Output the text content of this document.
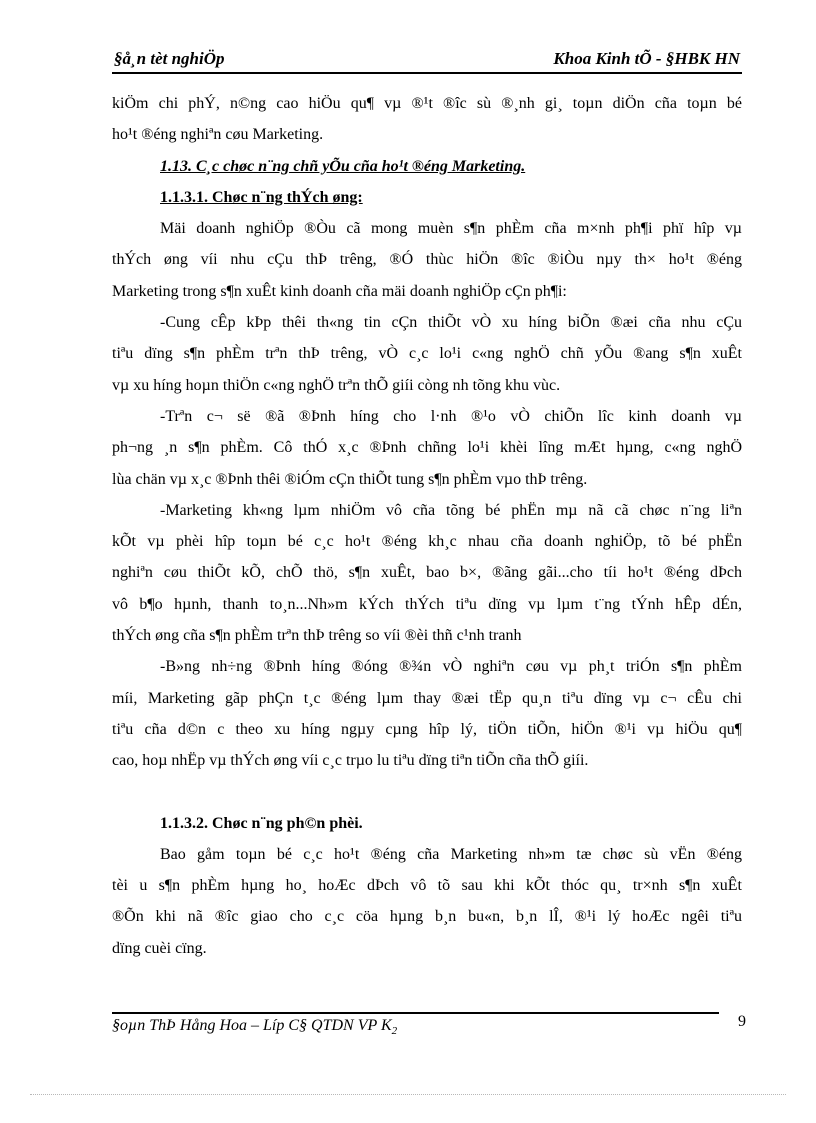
§å¸n tèt nghiÖp	Khoa Kinh tÕ - §HBK HN

kiÖm chi phÝ, n©ng cao hiÖu qu¶ vµ ®¹t ®îc sù ®¸nh gi¸ toµn diÖn cña toµn bé

ho¹t ®éng nghiªn cøu Marketing.

1.13. C¸c chøc n¨ng chñ yÕu cña ho¹t ®éng Marketing.

1.1.3.1. Chøc n¨ng thÝch øng:

Mäi doanh nghiÖp ®Òu cã mong muèn s¶n phÈm cña m×nh ph¶i phï hîp vµ

thÝch øng víi nhu cÇu thÞ trêng, ®Ó thùc hiÖn ®îc ®iÒu nµy th× ho¹t ®éng

Marketing trong s¶n xuÊt kinh doanh cña mäi doanh nghiÖp cÇn ph¶i:

-Cung cÊp kÞp thêi th«ng tin cÇn thiÕt vÒ xu híng biÕn ®æi cña nhu cÇu

tiªu dïng s¶n phÈm trªn thÞ trêng, vÒ c¸c lo¹i c«ng nghÖ chñ yÕu ®ang s¶n xuÊt

vµ xu híng hoµn thiÖn c«ng nghÖ trªn thÕ giíi còng nh tõng khu vùc.

-Trªn c¬ së ®ã ®Þnh híng cho l·nh ®¹o vÒ chiÕn lîc kinh doanh vµ

ph¬ng ¸n s¶n phÈm. Cô thÓ x¸c ®Þnh chñng lo¹i khèi lîng mÆt hµng, c«ng nghÖ

lùa chän vµ x¸c ®Þnh thêi ®iÓm cÇn thiÕt tung s¶n phÈm vµo thÞ trêng.

-Marketing kh«ng lµm nhiÖm vô cña tõng bé phËn mµ nã cã chøc n¨ng liªn

kÕt vµ phèi hîp toµn bé c¸c ho¹t ®éng kh¸c nhau cña doanh nghiÖp, tõ bé phËn

nghiªn cøu thiÕt kÕ, chÕ thö, s¶n xuÊt, bao b×, ®ãng gãi...cho tíi ho¹t ®éng dÞch

vô b¶o hµnh, thanh to¸n...Nh»m kÝch thÝch tiªu dïng vµ lµm t¨ng tÝnh hÊp dÉn,

thÝch øng cña s¶n phÈm trªn thÞ trêng so víi ®èi thñ c¹nh tranh

-B»ng nh÷ng ®Þnh híng ®óng ®¾n vÒ nghiªn cøu vµ ph¸t triÓn s¶n phÈm

míi, Marketing gãp phÇn t¸c ®éng lµm thay ®æi tËp qu¸n tiªu dïng vµ c¬ cÊu chi

tiªu cña d©n c theo xu híng ngµy cµng hîp lý, tiÖn tiÕn, hiÖn ®¹i vµ hiÖu qu¶

cao, hoµ nhËp vµ thÝch øng víi c¸c trµo lu tiªu dïng tiªn tiÕn cña thÕ giíi.

1.1.3.2. Chøc n¨ng ph©n phèi.

Bao gåm toµn bé c¸c ho¹t ®éng cña Marketing nh»m tæ chøc sù vËn ®éng

tèi u s¶n phÈm hµng ho¸ hoÆc dÞch vô tõ sau khi kÕt thóc qu¸ tr×nh s¶n xuÊt

®Õn khi nã ®îc giao cho c¸c cöa hµng b¸n bu«n, b¸n lÎ, ®¹i lý hoÆc ngêi tiªu

dïng cuèi cïng.

§oµn ThÞ Hång Hoa – Líp C§ QTDN VP $K_2$
9
